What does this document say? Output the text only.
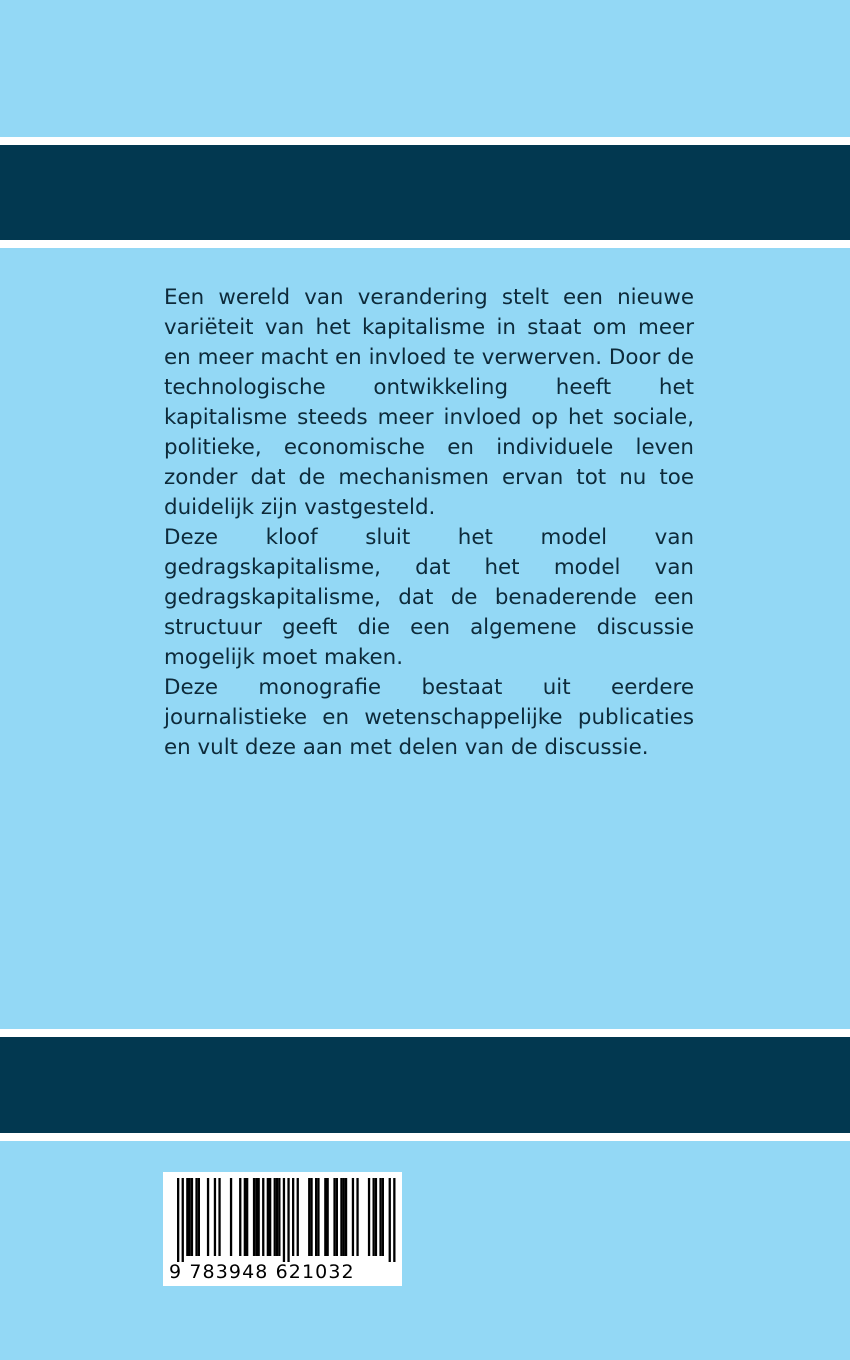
Een wereld van verandering stelt een nieuwe variëteit van het kapitalisme in staat om meer en meer macht en invloed te verwerven. Door de technologische ontwikkeling heeft het kapitalisme steeds meer invloed op het sociale, politieke, economische en individuele leven zonder dat de mechanismen ervan tot nu toe duidelijk zijn vastgesteld.

Deze kloof sluit het model van gedragskapitalisme, dat het model van gedragskapitalisme, dat de benaderende een structuur geeft die een algemene discussie mogelijk moet maken.

Deze monografie bestaat uit eerdere journalistieke en wetenschappelijke publicaties en vult deze aan met delen van de discussie.

9 783948 621032
